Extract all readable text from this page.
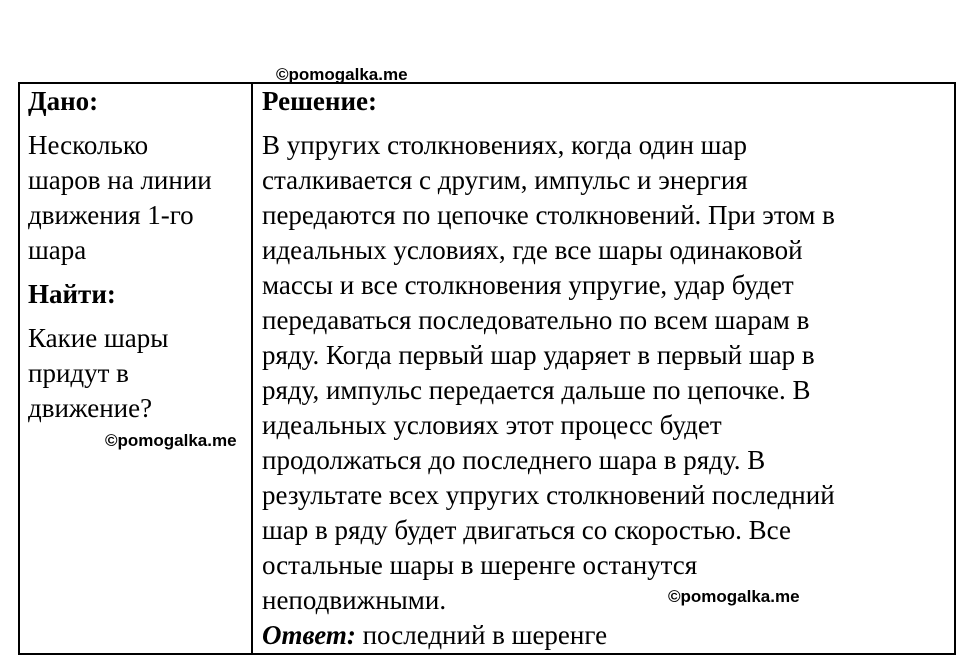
©pomogalka.me
Дано:
Несколько
шаров на линии
движения 1-го
шара
Найти:
Какие шары
придут в
движение?
©pomogalka.me
Решение:
В упругих столкновениях, когда один шар
сталкивается с другим, импульс и энергия
передаются по цепочке столкновений. При этом в
идеальных условиях, где все шары одинаковой
массы и все столкновения упругие, удар будет
передаваться последовательно по всем шарам в
ряду. Когда первый шар ударяет в первый шар в
ряду, импульс передается дальше по цепочке. В
идеальных условиях этот процесс будет
продолжаться до последнего шара в ряду. В
результате всех упругих столкновений последний
шар в ряду будет двигаться со скоростью. Все
остальные шары в шеренге останутся
неподвижными.
Ответ: последний в шеренге
©pomogalka.me
